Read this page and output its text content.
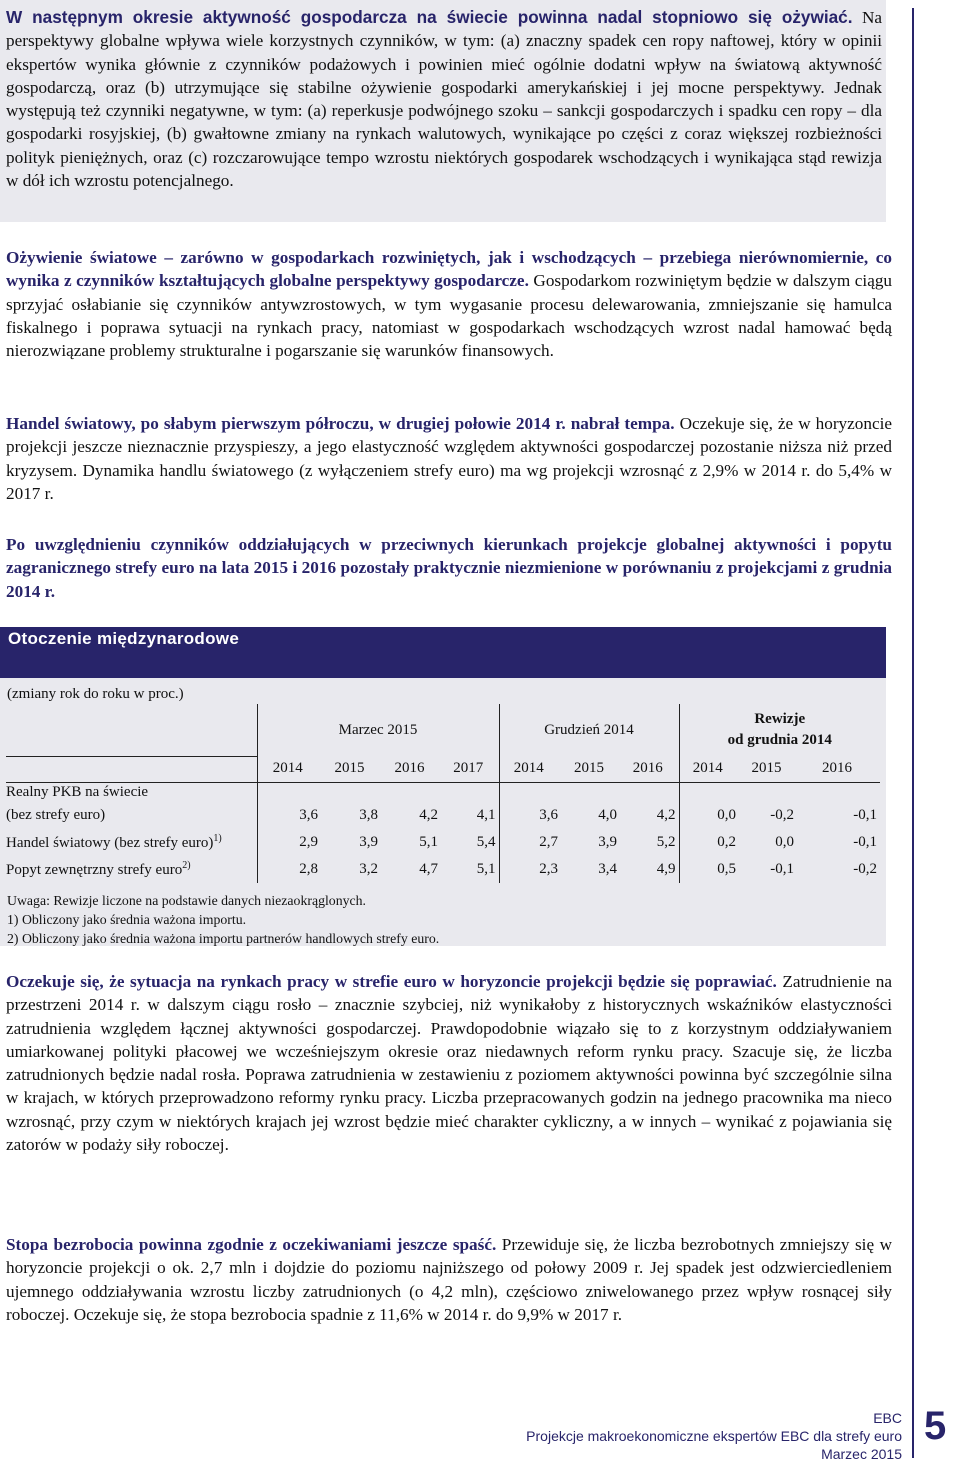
W następnym okresie aktywność gospodarcza na świecie powinna nadal stopniowo się ożywiać. Na perspektywy globalne wpływa wiele korzystnych czynników, w tym: (a) znaczny spadek cen ropy naftowej, który w opinii ekspertów wynika głównie z czynników podażowych i powinien mieć ogólnie dodatni wpływ na światową aktywność gospodarczą, oraz (b) utrzymujące się stabilne ożywienie gospodarki amerykańskiej i jej mocne perspektywy. Jednak występują też czynniki negatywne, w tym: (a) reperkusje podwójnego szoku – sankcji gospodarczych i spadku cen ropy – dla gospodarki rosyjskiej, (b) gwałtowne zmiany na rynkach walutowych, wynikające po części z coraz większej rozbieżności polityk pieniężnych, oraz (c) rozczarowujące tempo wzrostu niektórych gospodarek wschodzących i wynikająca stąd rewizja w dół ich wzrostu potencjalnego.

Ożywienie światowe – zarówno w gospodarkach rozwiniętych, jak i wschodzących – przebiega nierównomiernie, co wynika z czynników kształtujących globalne perspektywy gospodarcze. Gospodarkom rozwiniętym będzie w dalszym ciągu sprzyjać osłabianie się czynników antywzrostowych, w tym wygasanie procesu delewarowania, zmniejszanie się hamulca fiskalnego i poprawa sytuacji na rynkach pracy, natomiast w gospodarkach wschodzących wzrost nadal hamować będą nierozwiązane problemy strukturalne i pogarszanie się warunków finansowych.

Handel światowy, po słabym pierwszym półroczu, w drugiej połowie 2014 r. nabrał tempa. Oczekuje się, że w horyzoncie projekcji jeszcze nieznacznie przyspieszy, a jego elastyczność względem aktywności gospodarczej pozostanie niższa niż przed kryzysem. Dynamika handlu światowego (z wyłączeniem strefy euro) ma wg projekcji wzrosnąć z 2,9% w 2014 r. do 5,4% w 2017 r.

Po uwzględnieniu czynników oddziałujących w przeciwnych kierunkach projekcje globalnej aktywności i popytu zagranicznego strefy euro na lata 2015 i 2016 pozostały praktycznie niezmienione w porównaniu z projekcjami z grudnia 2014 r.

Otoczenie międzynarodowe
(zmiany rok do roku w proc.)
	Marzec 2015				Grudzień 2014			Rewizje
od grudnia 2014		
	2014	2015	2016	2017	2014	2015	2016	2014	2015	2016
Realny PKB na świecie										
(bez strefy euro)	3,6	3,8	4,2	4,1	3,6	4,0	4,2	0,0	-0,2	-0,1
Handel światowy (bez strefy euro)$^{1)}$	2,9	3,9	5,1	5,4	2,7	3,9	5,2	0,2	0,0	-0,1
Popyt zewnętrzny strefy euro$^{2)}$	2,8	3,2	4,7	5,1	2,3	3,4	4,9	0,5	-0,1	-0,2
Uwaga: Rewizje liczone na podstawie danych niezaokrąglonych.
1) Obliczony jako średnia ważona importu.
2) Obliczony jako średnia ważona importu partnerów handlowych strefy euro.

Oczekuje się, że sytuacja na rynkach pracy w strefie euro w horyzoncie projekcji będzie się poprawiać. Zatrudnienie na przestrzeni 2014 r. w dalszym ciągu rosło – znacznie szybciej, niż wynikałoby z historycznych wskaźników elastyczności zatrudnienia względem łącznej aktywności gospodarczej. Prawdopodobnie wiązało się to z korzystnym oddziaływaniem umiarkowanej polityki płacowej we wcześniejszym okresie oraz niedawnych reform rynku pracy. Szacuje się, że liczba zatrudnionych będzie nadal rosła. Poprawa zatrudnienia w zestawieniu z poziomem aktywności powinna być szczególnie silna w krajach, w których przeprowadzono reformy rynku pracy. Liczba przepracowanych godzin na jednego pracownika ma nieco wzrosnąć, przy czym w niektórych krajach jej wzrost będzie mieć charakter cykliczny, a w innych – wynikać z pojawiania się zatorów w podaży siły roboczej.

Stopa bezrobocia powinna zgodnie z oczekiwaniami jeszcze spaść. Przewiduje się, że liczba bezrobotnych zmniejszy się w horyzoncie projekcji o ok. 2,7 mln i dojdzie do poziomu najniższego od połowy 2009 r. Jej spadek jest odzwierciedleniem ujemnego oddziaływania wzrostu liczby zatrudnionych (o 4,2 mln), częściowo zniwelowanego przez wpływ rosnącej siły roboczej. Oczekuje się, że stopa bezrobocia spadnie z 11,6% w 2014 r. do 9,9% w 2017 r.

EBC
Projekcje makroekonomiczne ekspertów EBC dla strefy euro
Marzec 2015
5
